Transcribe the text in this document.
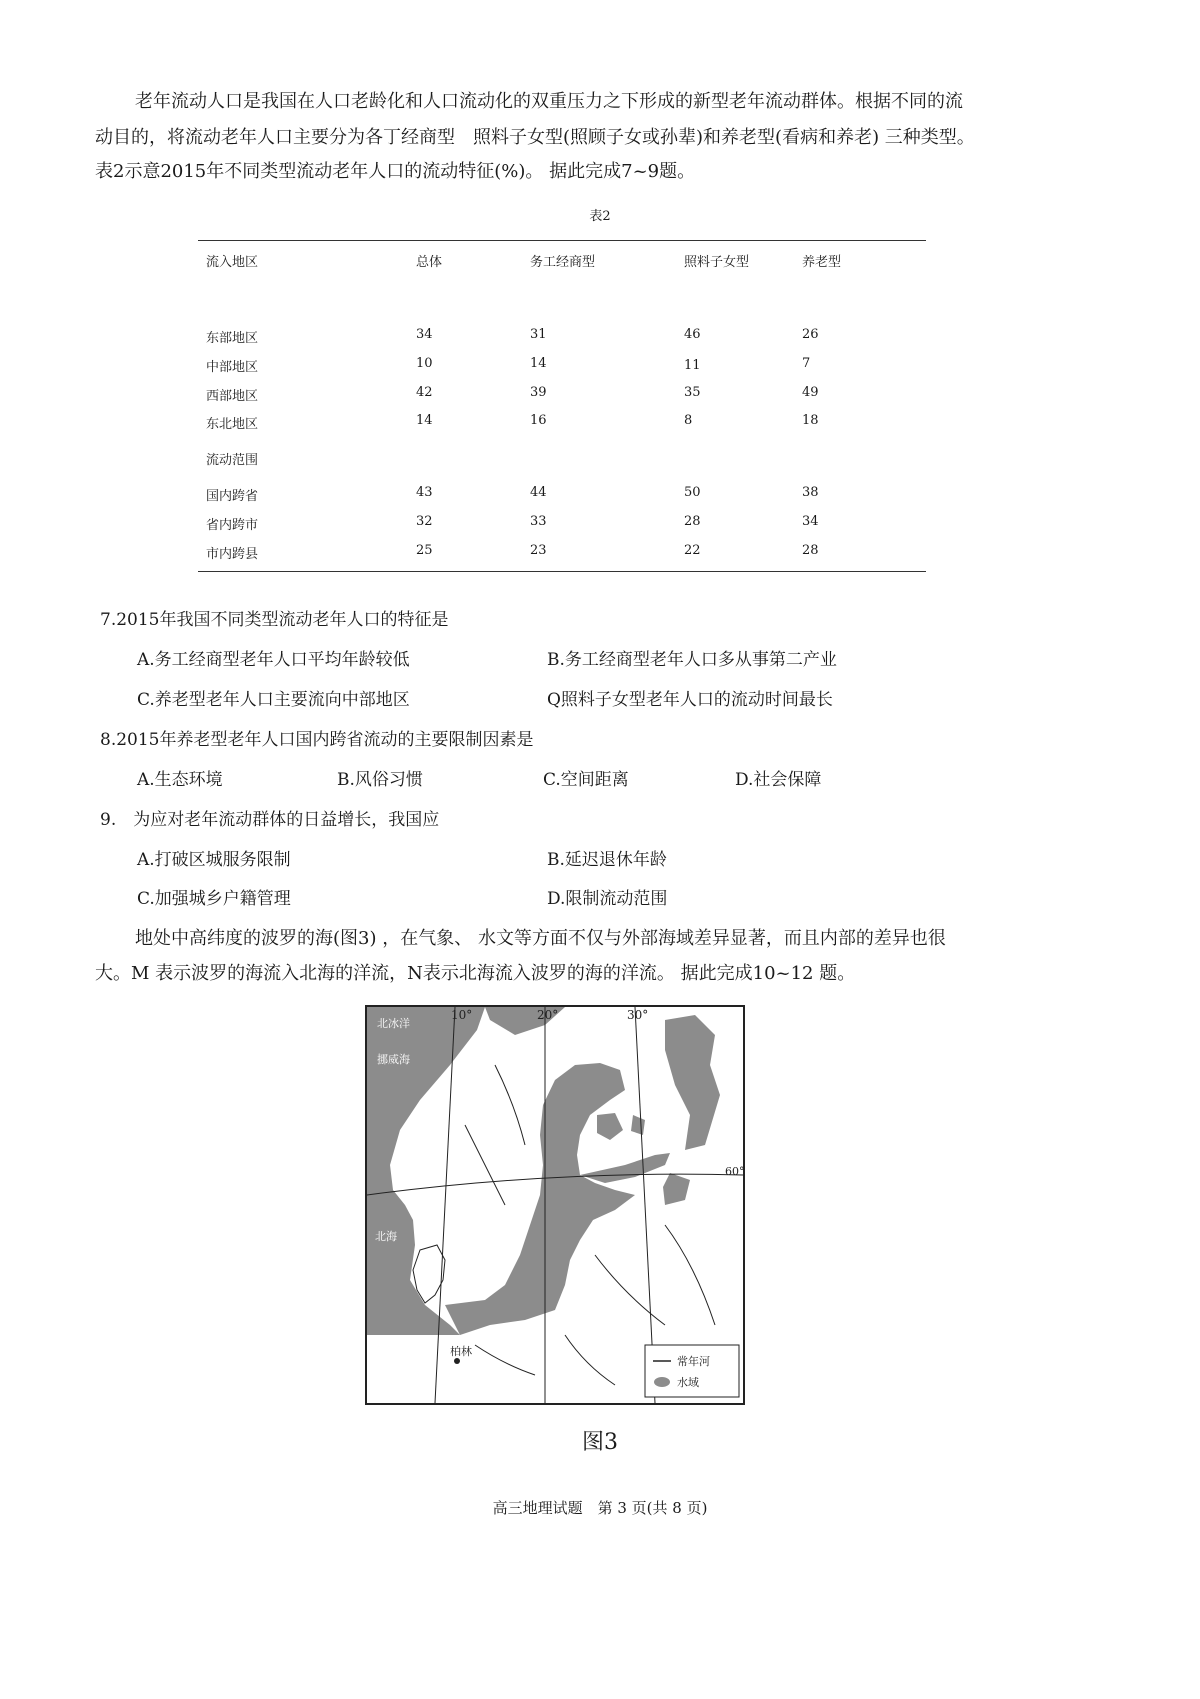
老年流动人口是我国在人口老龄化和人口流动化的双重压力之下形成的新型老年流动群体。根据不同的流

动目的，将流动老年人口主要分为各丁经商型　照料子女型(照顾子女或孙辈)和养老型(看病和养老) 三种类型。

表2示意2015年不同类型流动老年人口的流动特征(%)。 据此完成7~9题。

表2
流入地区	总体	务工经商型	照料子女型	养老型
东部地区	34	31	46	26
中部地区	10	14	11	7
西部地区	42	39	35	49
东北地区	14	16	8	18
流动范围
国内跨省	43	44	50	38
省内跨市	32	33	28	34
市内跨县	25	23	22	28
7.2015年我国不同类型流动老年人口的特征是
A.务工经商型老年人口平均年龄较低	B.务工经商型老年人口多从事第二产业
C.养老型老年人口主要流向中部地区	Q照料子女型老年人口的流动时间最长
8.2015年养老型老年人口国内跨省流动的主要限制因素是
A.生态环境	B.风俗习惯	C.空间距离	D.社会保障
9.　为应对老年流动群体的日益增长，我国应
A.打破区城服务限制	B.延迟退休年龄
C.加强城乡户籍管理	D.限制流动范围

地处中高纬度的波罗的海(图3) ，在气象、 水文等方面不仅与外部海域差异显著，而且内部的差异也很

大。M 表示波罗的海流入北海的洋流，N表示北海流入波罗的海的洋流。 据此完成10~12 题。

10°	20°	30°
60°
北冰洋
挪威海
北海
柏林
常年河
水域
图3
高三地理试题　第 3 页(共 8 页)
